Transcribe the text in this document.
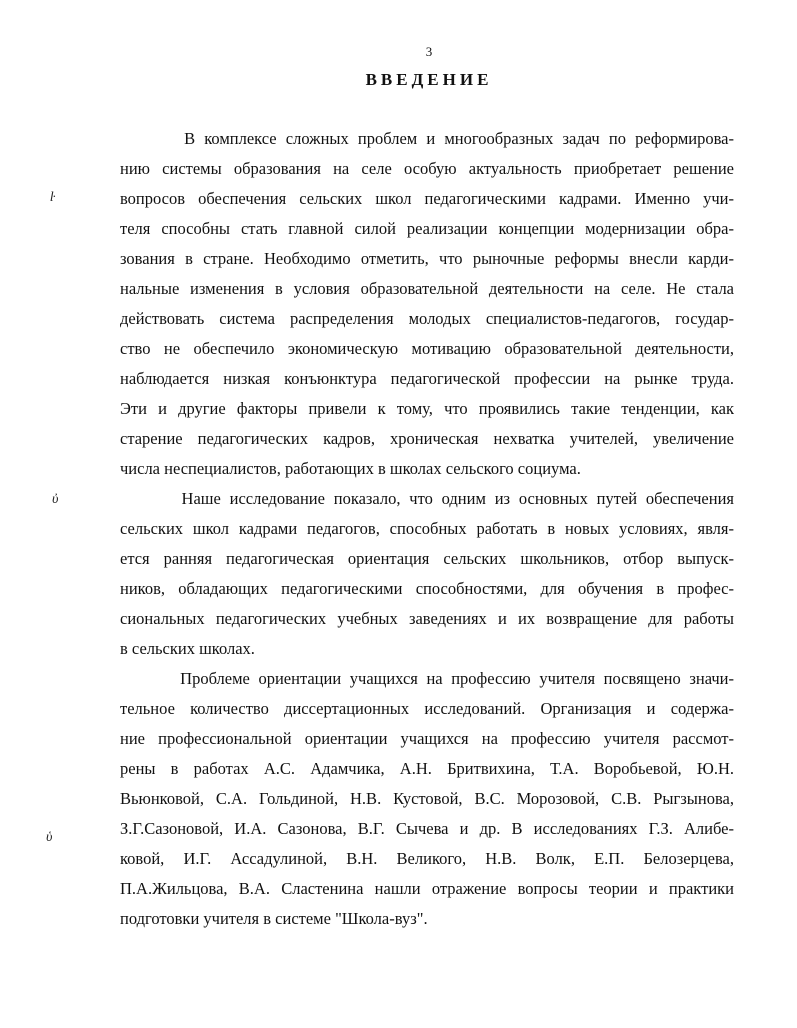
3
ВВЕДЕНИЕ
ŀ
ὐ
ὑ
В комплексе сложных проблем и многообразных задач по реформирова-
нию системы образования на селе особую актуальность приобретает решение
вопросов обеспечения сельских школ педагогическими кадрами. Именно учи-
теля способны стать главной силой реализации концепции модернизации обра-
зования в стране. Необходимо отметить, что рыночные реформы внесли карди-
нальные изменения в условия образовательной деятельности на селе. Не стала
действовать система распределения молодых специалистов-педагогов, государ-
ство не обеспечило экономическую мотивацию образовательной деятельности,
наблюдается низкая конъюнктура педагогической профессии на рынке труда.
Эти и другие факторы привели к тому, что проявились такие тенденции, как
старение педагогических кадров, хроническая нехватка учителей, увеличение
числа неспециалистов, работающих в школах сельского социума.
Наше исследование показало, что одним из основных путей обеспечения
сельских школ кадрами педагогов, способных работать в новых условиях, явля-
ется ранняя педагогическая ориентация сельских школьников, отбор выпуск-
ников, обладающих педагогическими способностями, для обучения в профес-
сиональных педагогических учебных заведениях и их возвращение для работы
в сельских школах.
Проблеме ориентации учащихся на профессию учителя посвящено значи-
тельное количество диссертационных исследований. Организация и содержа-
ние профессиональной ориентации учащихся на профессию учителя рассмот-
рены в работах А.С. Адамчика, А.Н. Бритвихина, Т.А. Воробьевой, Ю.Н.
Вьюнковой, С.А. Гольдиной, Н.В. Кустовой, В.С. Морозовой, С.В. Рыгзынова,
З.Г.Сазоновой, И.А. Сазонова, В.Г. Сычева и др. В исследованиях Г.З. Алибе-
ковой, И.Г. Ассадулиной, В.Н. Великого, Н.В. Волк, Е.П. Белозерцева,
П.А.Жильцова, В.А. Сластенина нашли отражение вопросы теории и практики
подготовки учителя в системе "Школа-вуз".
